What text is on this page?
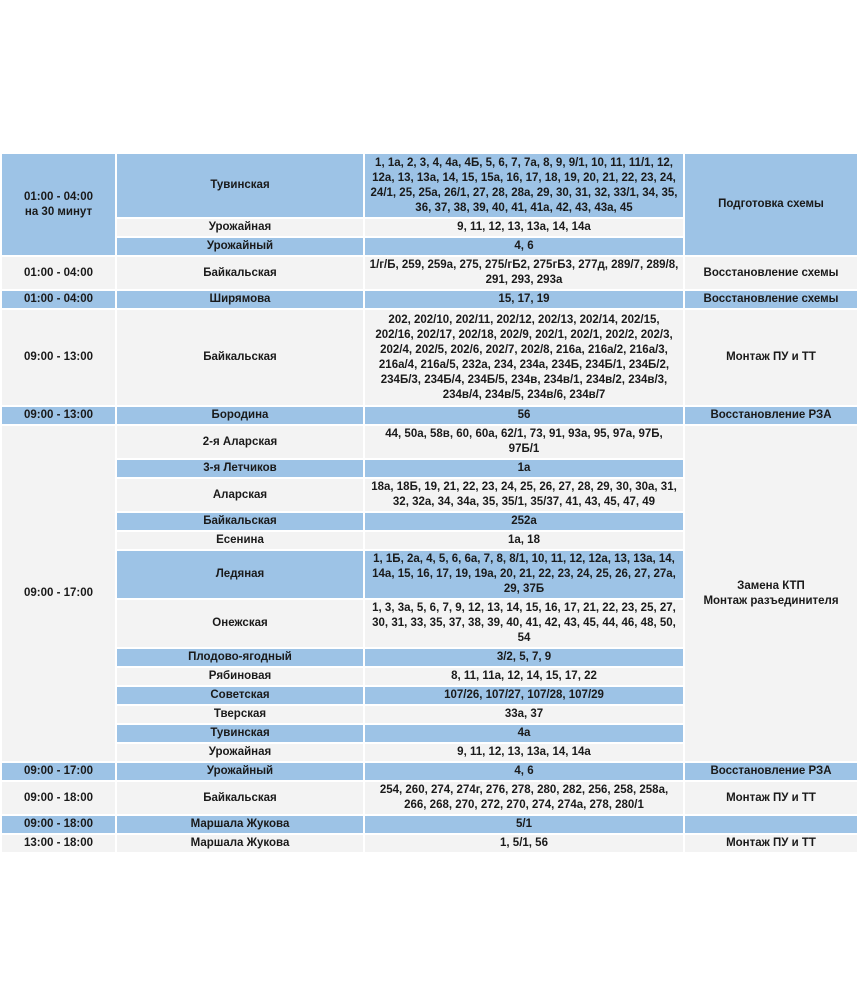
01:00 - 04:00
на 30 минут	Тувинская	1, 1а, 2, 3, 4, 4а, 4Б, 5, 6, 7, 7а, 8, 9, 9/1, 10, 11, 11/1, 12, 12а, 13, 13а, 14, 15, 15а, 16, 17, 18, 19, 20, 21, 22, 23, 24, 24/1, 25, 25а, 26/1, 27, 28, 28а, 29, 30, 31, 32, 33/1, 34, 35, 36, 37, 38, 39, 40, 41, 41а, 42, 43, 43а, 45	Подготовка схемы
	Урожайная	9, 11, 12, 13, 13а, 14, 14а	
	Урожайный	4, 6	
01:00 - 04:00	Байкальская	1/г/Б, 259, 259а, 275, 275/гБ2, 275гБ3, 277д, 289/7, 289/8, 291, 293, 293а	Восстановление схемы
01:00 - 04:00	Ширямова	15, 17, 19	Восстановление схемы
09:00 - 13:00	Байкальская	202, 202/10, 202/11, 202/12, 202/13, 202/14, 202/15, 202/16, 202/17, 202/18, 202/9, 202/1, 202/1, 202/2, 202/3, 202/4, 202/5, 202/6, 202/7, 202/8, 216а, 216а/2, 216а/3, 216а/4, 216а/5, 232а, 234, 234а, 234Б, 234Б/1, 234Б/2, 234Б/3, 234Б/4, 234Б/5, 234в, 234в/1, 234в/2, 234в/3, 234в/4, 234в/5, 234в/6, 234в/7	Монтаж ПУ и ТТ
09:00 - 13:00	Бородина	56	Восстановление РЗА
09:00 - 17:00	2-я Аларская	44, 50а, 58в, 60, 60а, 62/1, 73, 91, 93а, 95, 97а, 97Б, 97Б/1	Замена КТП
Монтаж разъединителя
	3-я Летчиков	1а	
	Аларская	18а, 18Б, 19, 21, 22, 23, 24, 25, 26, 27, 28, 29, 30, 30а, 31, 32, 32а, 34, 34а, 35, 35/1, 35/37, 41, 43, 45, 47, 49	
	Байкальская	252а	
	Есенина	1а, 18	
	Ледяная	1, 1Б, 2а, 4, 5, 6, 6а, 7, 8, 8/1, 10, 11, 12, 12а, 13, 13а, 14, 14а, 15, 16, 17, 19, 19а, 20, 21, 22, 23, 24, 25, 26, 27, 27а, 29, 37Б	
	Онежская	1, 3, 3а, 5, 6, 7, 9, 12, 13, 14, 15, 16, 17, 21, 22, 23, 25, 27, 30, 31, 33, 35, 37, 38, 39, 40, 41, 42, 43, 45, 44, 46, 48, 50, 54	
	Плодово-ягодный	3/2, 5, 7, 9	
	Рябиновая	8, 11, 11а, 12, 14, 15, 17, 22	
	Советская	107/26, 107/27, 107/28, 107/29	
	Тверская	33а, 37	
	Тувинская	4а	
	Урожайная	9, 11, 12, 13, 13а, 14, 14а	
09:00 - 17:00	Урожайный	4, 6	Восстановление РЗА
09:00 - 18:00	Байкальская	254, 260, 274, 274г, 276, 278, 280, 282, 256, 258, 258а, 266, 268, 270, 272, 270, 274, 274а, 278, 280/1	Монтаж ПУ и ТТ
09:00 - 18:00	Маршала Жукова	5/1	
13:00 - 18:00	Маршала Жукова	1, 5/1, 56	Монтаж ПУ и ТТ
